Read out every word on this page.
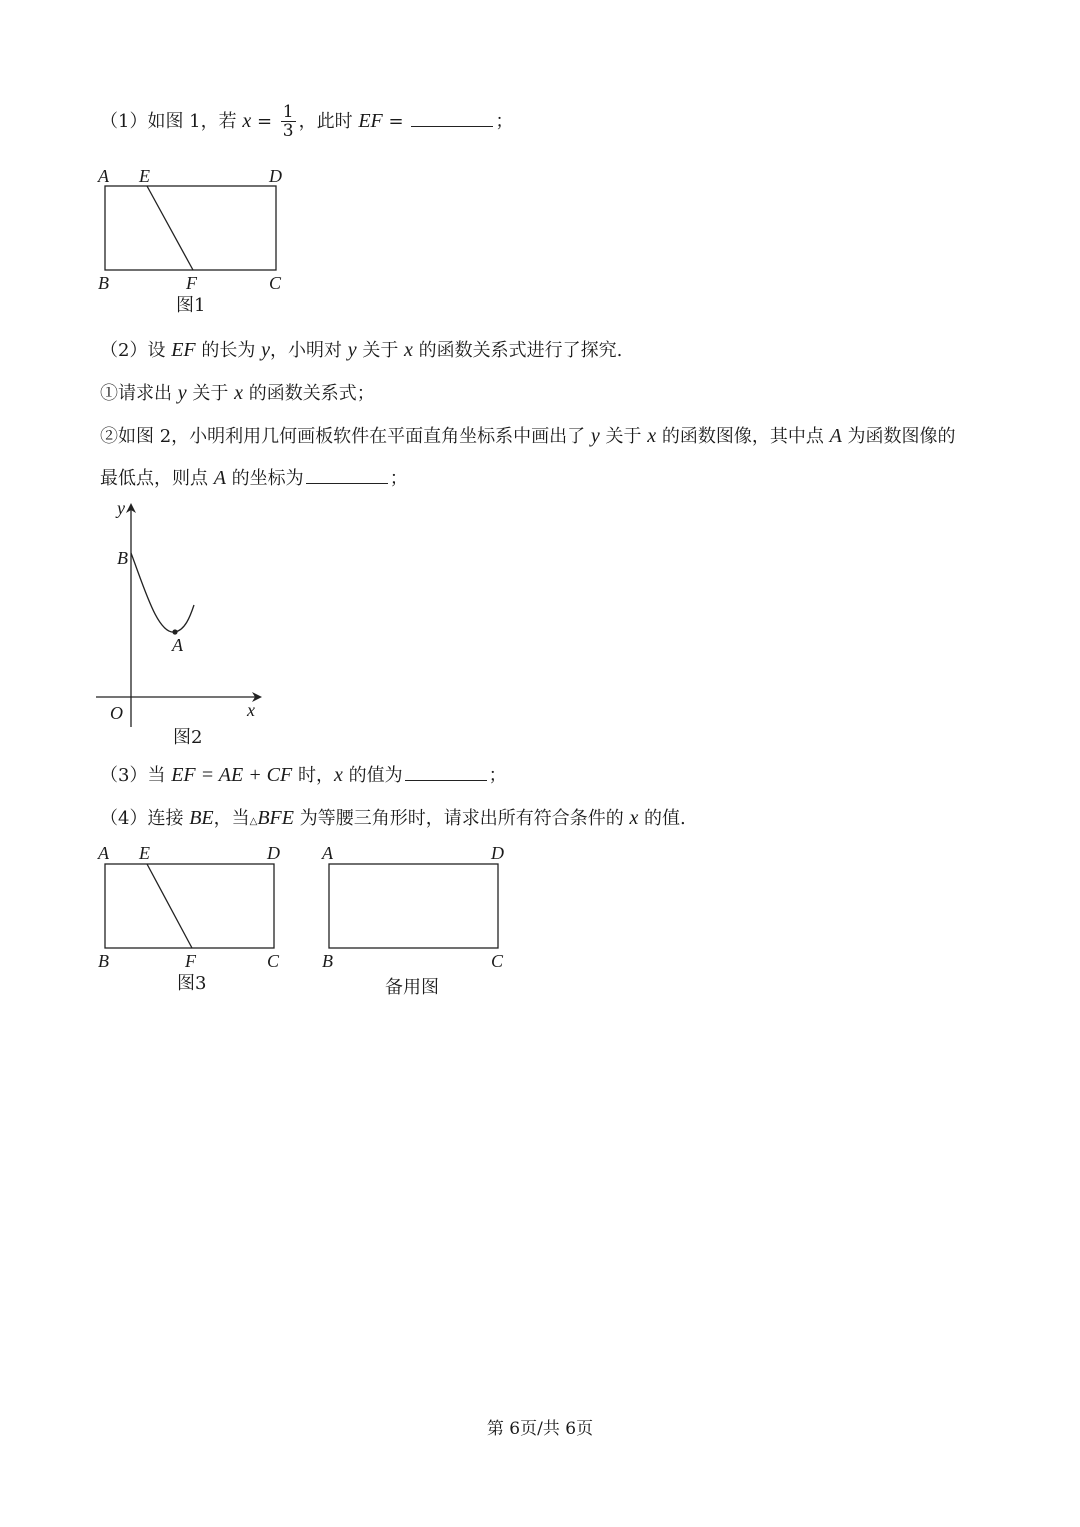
（1）如图 1，若 $x = \frac{1}{3}$ ，此时 EF =	；
A E	D
B	F	C
图1
（2）设 EF 的长为 y，小明对 y 关于 x 的函数关系式进行了探究.
①请求出 y 关于 x 的函数关系式；
②如图 2，小明利用几何画板软件在平面直角坐标系中画出了 y 关于 x 的函数图像，其中点 A 为函数图像的
最低点，则点 A 的坐标为	；
y
B
A
O	x
图2
（3）当 EF = AE + CF 时，x 的值为	；
（4）连接 BE，当△BFE 为等腰三角形时，请求出所有符合条件的 x 的值.
A E	D
B	F	C
图3
A	D
B	C
备用图
第 6页/共 6页
